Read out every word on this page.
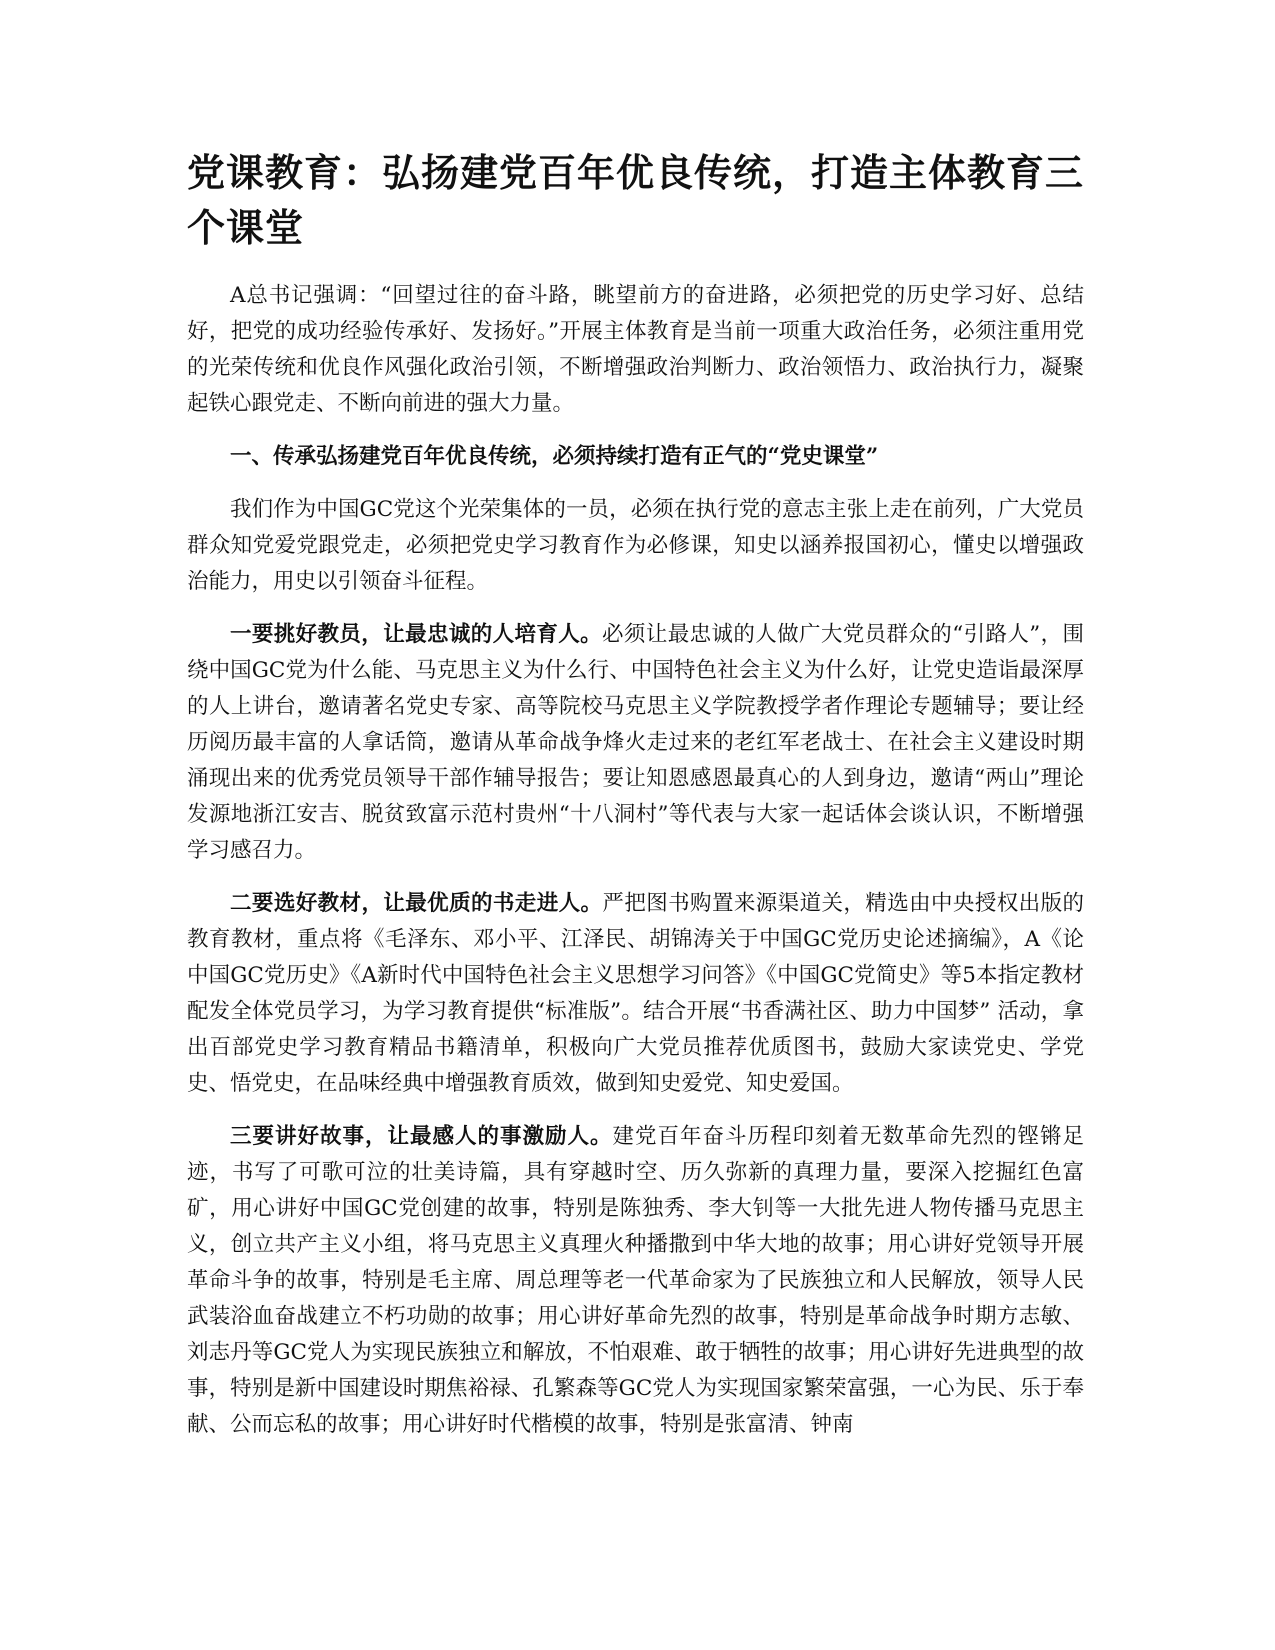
党课教育：弘扬建党百年优良传统，打造主体教育三个课堂

A总书记强调：“回望过往的奋斗路，眺望前方的奋进路，必须把党的历史学习好、总结好，把党的成功经验传承好、发扬好。”开展主体教育是当前一项重大政治任务，必须注重用党的光荣传统和优良作风强化政治引领，不断增强政治判断力、政治领悟力、政治执行力，凝聚起铁心跟党走、不断向前进的强大力量。

一、传承弘扬建党百年优良传统，必须持续打造有正气的“党史课堂”

我们作为中国GC党这个光荣集体的一员，必须在执行党的意志主张上走在前列，广大党员群众知党爱党跟党走，必须把党史学习教育作为必修课，知史以涵养报国初心，懂史以增强政治能力，用史以引领奋斗征程。

一要挑好教员，让最忠诚的人培育人。必须让最忠诚的人做广大党员群众的“引路人”，围绕中国GC党为什么能、马克思主义为什么行、中国特色社会主义为什么好，让党史造诣最深厚的人上讲台，邀请著名党史专家、高等院校马克思主义学院教授学者作理论专题辅导；要让经历阅历最丰富的人拿话筒，邀请从革命战争烽火走过来的老红军老战士、在社会主义建设时期涌现出来的优秀党员领导干部作辅导报告；要让知恩感恩最真心的人到身边，邀请“两山”理论发源地浙江安吉、脱贫致富示范村贵州“十八洞村”等代表与大家一起话体会谈认识，不断增强学习感召力。

二要选好教材，让最优质的书走进人。严把图书购置来源渠道关，精选由中央授权出版的教育教材，重点将《毛泽东、邓小平、江泽民、胡锦涛关于中国GC党历史论述摘编》，A《论中国GC党历史》《A新时代中国特色社会主义思想学习问答》《中国GC党简史》等5本指定教材配发全体党员学习，为学习教育提供“标准版”。结合开展“书香满社区、助力中国梦” 活动，拿出百部党史学习教育精品书籍清单，积极向广大党员推荐优质图书，鼓励大家读党史、学党史、悟党史，在品味经典中增强教育质效，做到知史爱党、知史爱国。

三要讲好故事，让最感人的事激励人。建党百年奋斗历程印刻着无数革命先烈的铿锵足迹，书写了可歌可泣的壮美诗篇，具有穿越时空、历久弥新的真理力量，要深入挖掘红色富矿，用心讲好中国GC党创建的故事，特别是陈独秀、李大钊等一大批先进人物传播马克思主义，创立共产主义小组，将马克思主义真理火种播撒到中华大地的故事；用心讲好党领导开展革命斗争的故事，特别是毛主席、周总理等老一代革命家为了民族独立和人民解放，领导人民武装浴血奋战建立不朽功勋的故事；用心讲好革命先烈的故事，特别是革命战争时期方志敏、刘志丹等GC党人为实现民族独立和解放，不怕艰难、敢于牺牲的故事；用心讲好先进典型的故事，特别是新中国建设时期焦裕禄、孔繁森等GC党人为实现国家繁荣富强，一心为民、乐于奉献、公而忘私的故事；用心讲好时代楷模的故事，特别是张富清、钟南
